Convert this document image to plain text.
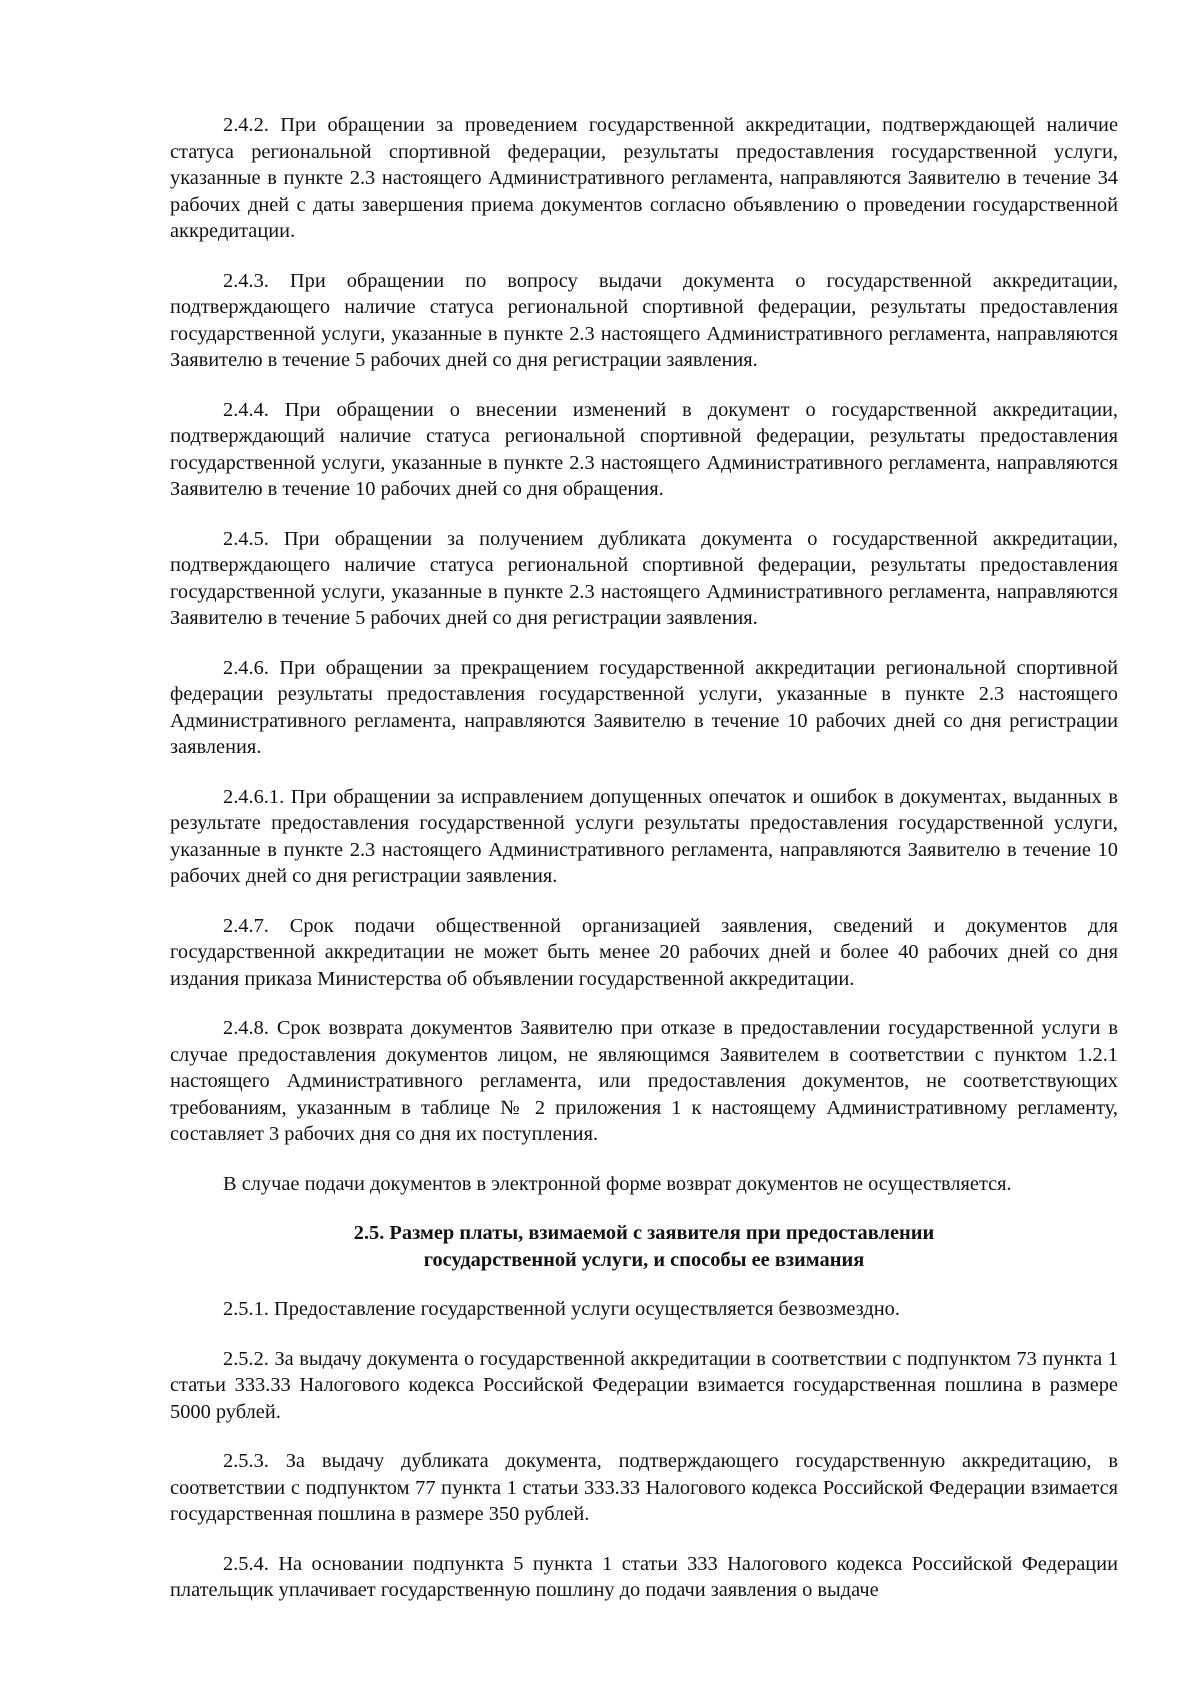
2.4.2. При обращении за проведением государственной аккредитации, подтверждающей наличие статуса региональной спортивной федерации, результаты предоставления государственной услуги, указанные в пункте 2.3 настоящего Административного регламента, направляются Заявителю в течение 34 рабочих дней с даты завершения приема документов согласно объявлению о проведении государственной аккредитации.

2.4.3. При обращении по вопросу выдачи документа о государственной аккредитации, подтверждающего наличие статуса региональной спортивной федерации, результаты предоставления государственной услуги, указанные в пункте 2.3 настоящего Административного регламента, направляются Заявителю в течение 5 рабочих дней со дня регистрации заявления.

2.4.4. При обращении о внесении изменений в документ о государственной аккредитации, подтверждающий наличие статуса региональной спортивной федерации, результаты предоставления государственной услуги, указанные в пункте 2.3 настоящего Административного регламента, направляются Заявителю в течение 10 рабочих дней со дня обращения.

2.4.5. При обращении за получением дубликата документа о государственной аккредитации, подтверждающего наличие статуса региональной спортивной федерации, результаты предоставления государственной услуги, указанные в пункте 2.3 настоящего Административного регламента, направляются Заявителю в течение 5 рабочих дней со дня регистрации заявления.

2.4.6. При обращении за прекращением государственной аккредитации региональной спортивной федерации результаты предоставления государственной услуги, указанные в пункте 2.3 настоящего Административного регламента, направляются Заявителю в течение 10 рабочих дней со дня регистрации заявления.

2.4.6.1. При обращении за исправлением допущенных опечаток и ошибок в документах, выданных в результате предоставления государственной услуги результаты предоставления государственной услуги, указанные в пункте 2.3 настоящего Административного регламента, направляются Заявителю в течение 10 рабочих дней со дня регистрации заявления.

2.4.7. Срок подачи общественной организацией заявления, сведений и документов для государственной аккредитации не может быть менее 20 рабочих дней и более 40 рабочих дней со дня издания приказа Министерства об объявлении государственной аккредитации.

2.4.8. Срок возврата документов Заявителю при отказе в предоставлении государственной услуги в случае предоставления документов лицом, не являющимся Заявителем в соответствии с пунктом 1.2.1 настоящего Административного регламента, или предоставления документов, не соответствующих требованиям, указанным в таблице № 2 приложения 1 к настоящему Административному регламенту, составляет 3 рабочих дня со дня их поступления.

В случае подачи документов в электронной форме возврат документов не осуществляется.

2.5. Размер платы, взимаемой с заявителя при предоставлении
государственной услуги, и способы ее взимания

2.5.1. Предоставление государственной услуги осуществляется безвозмездно.

2.5.2. За выдачу документа о государственной аккредитации в соответствии с подпунктом 73 пункта 1 статьи 333.33 Налогового кодекса Российской Федерации взимается государственная пошлина в размере 5000 рублей.

2.5.3. За выдачу дубликата документа, подтверждающего государственную аккредитацию, в соответствии с подпунктом 77 пункта 1 статьи 333.33 Налогового кодекса Российской Федерации взимается государственная пошлина в размере 350 рублей.

2.5.4. На основании подпункта 5 пункта 1 статьи 333 Налогового кодекса Российской Федерации плательщик уплачивает государственную пошлину до подачи заявления о выдаче
